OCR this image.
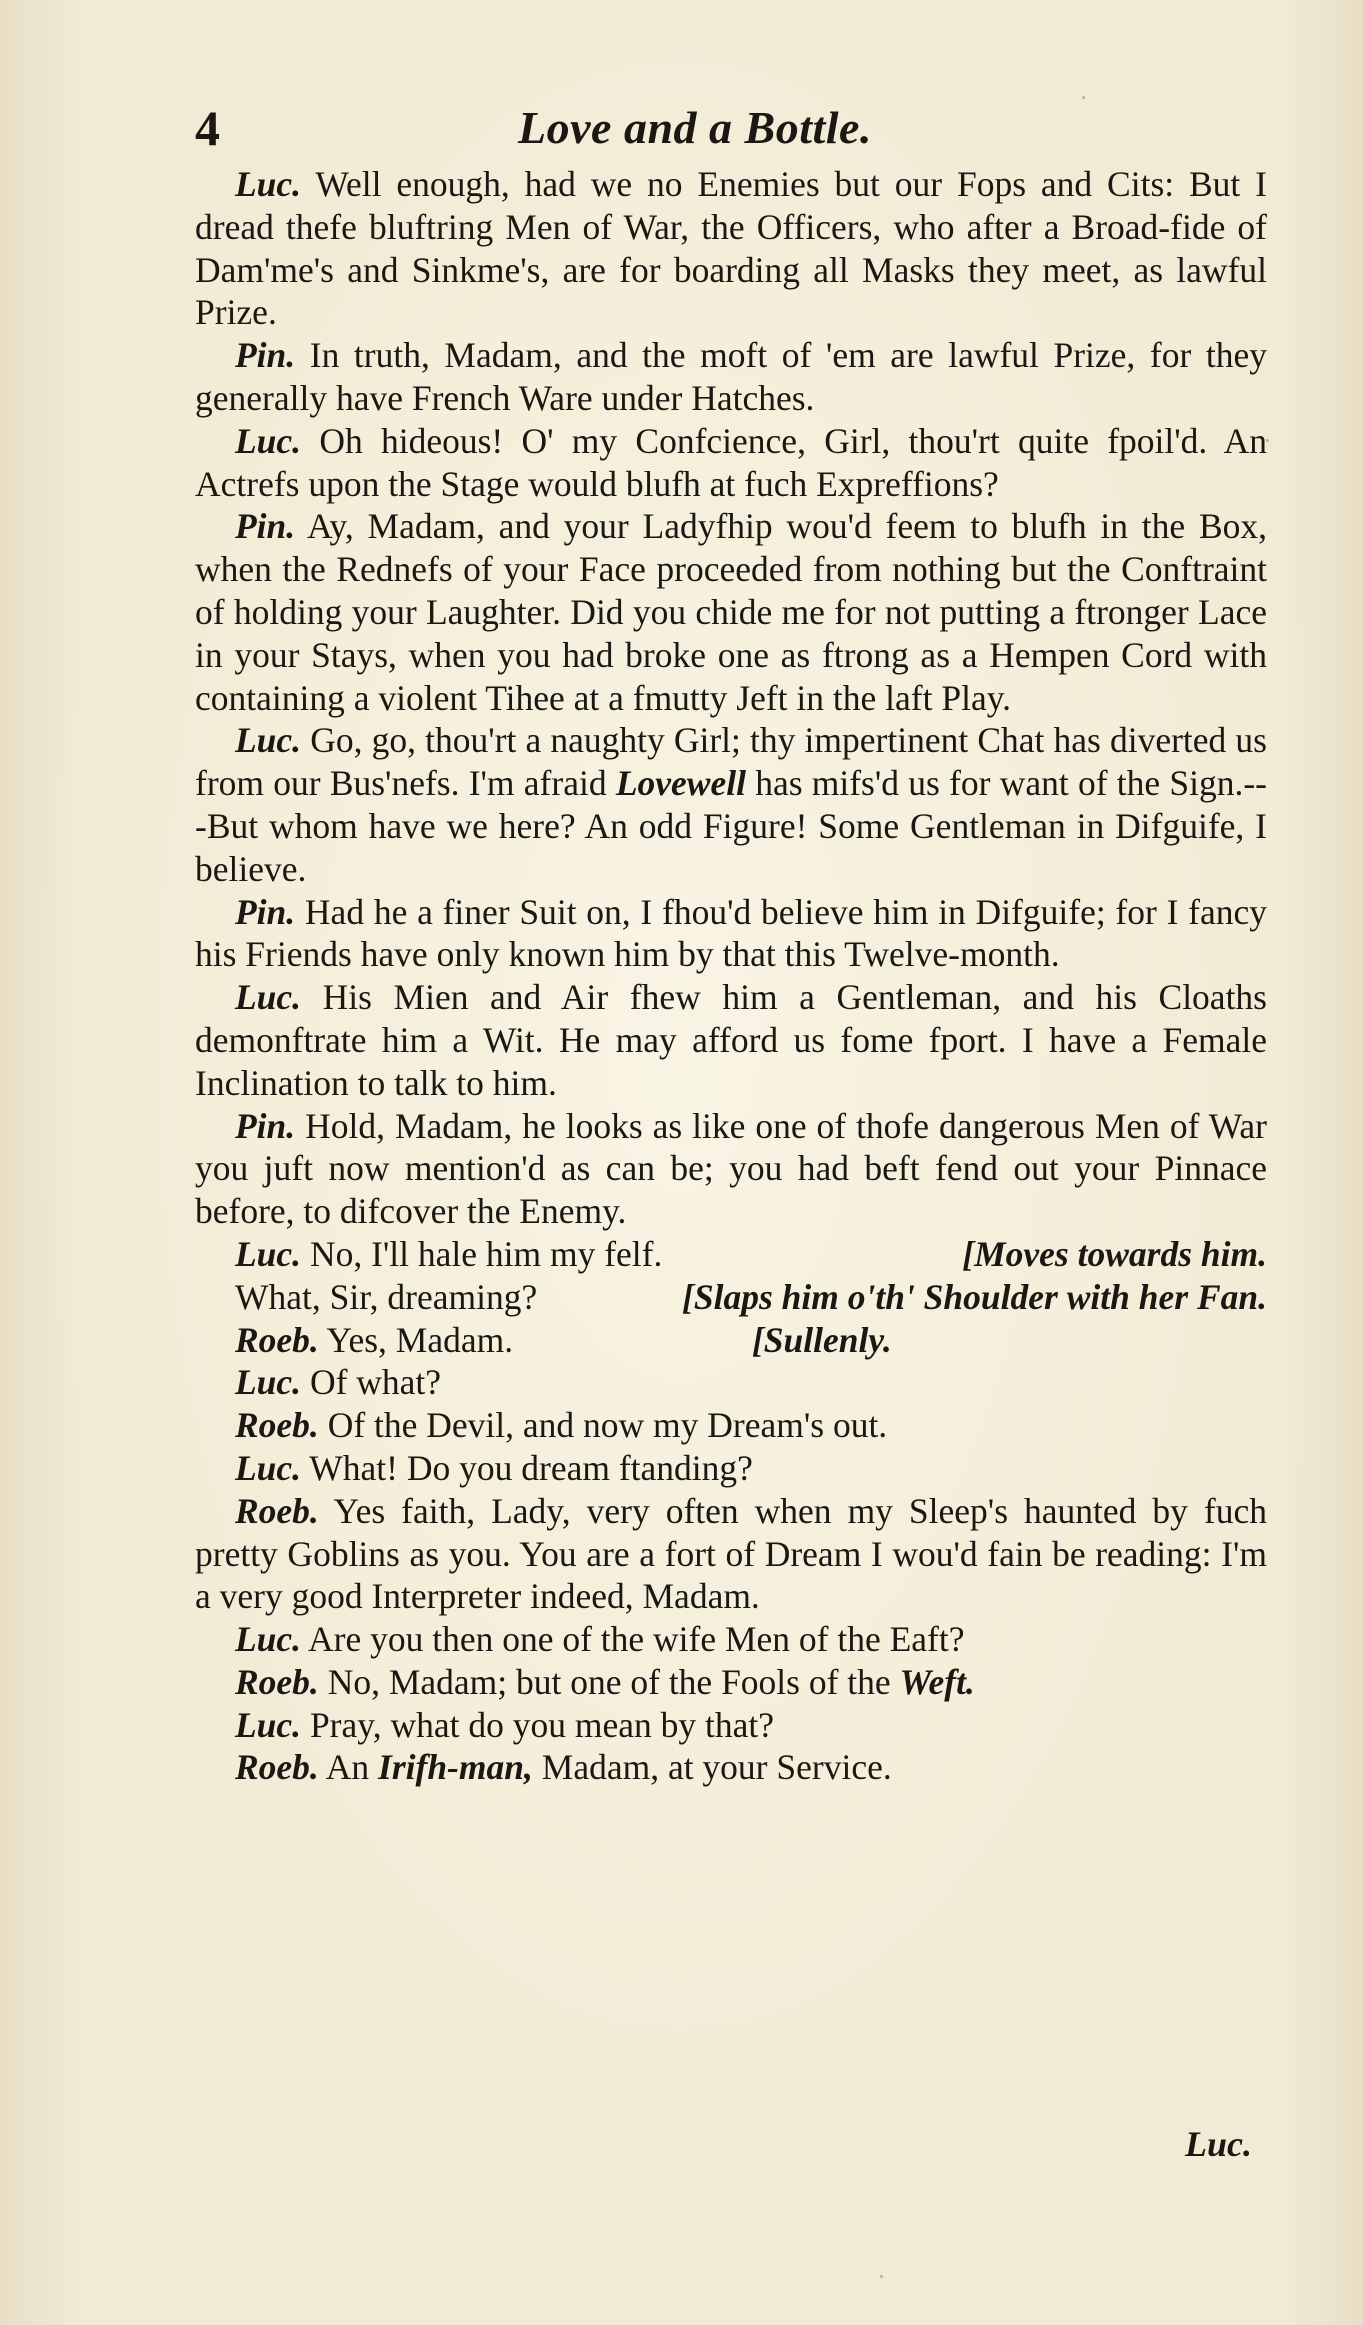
4	Love and a Bottle.

Luc. Well enough, had we no Enemies but our Fops and Cits: But I dread thefe bluftring Men of War, the Officers, who after a Broad-fide of Dam'me's and Sinkme's, are for boarding all Masks they meet, as lawful Prize.

Pin. In truth, Madam, and the moft of 'em are lawful Prize, for they generally have French Ware under Hatches.

Luc. Oh hideous! O' my Confcience, Girl, thou'rt quite fpoil'd. An Actrefs upon the Stage would blufh at fuch Expreffions?

Pin. Ay, Madam, and your Ladyfhip wou'd feem to blufh in the Box, when the Rednefs of your Face proceeded from nothing but the Conftraint of holding your Laughter. Did you chide me for not putting a ftronger Lace in your Stays, when you had broke one as ftrong as a Hempen Cord with containing a violent Tihee at a fmutty Jeft in the laft Play.

Luc. Go, go, thou'rt a naughty Girl; thy impertinent Chat has diverted us from our Bus'nefs. I'm afraid Lovewell has mifs'd us for want of the Sign.---But whom have we here? An odd Figure! Some Gentleman in Difguife, I believe.

Pin. Had he a finer Suit on, I fhou'd believe him in Difguife; for I fancy his Friends have only known him by that this Twelve-month.

Luc. His Mien and Air fhew him a Gentleman, and his Cloaths demonftrate him a Wit. He may afford us fome fport. I have a Female Inclination to talk to him.

Pin. Hold, Madam, he looks as like one of thofe dangerous Men of War you juft now mention'd as can be; you had beft fend out your Pinnace before, to difcover the Enemy.

Luc. No, I'll hale him my felf.	[Moves towards him.

What, Sir, dreaming?	[Slaps him o'th' Shoulder with her Fan.

Roeb. Yes, Madam.	[Sullenly.

Luc. Of what?

Roeb. Of the Devil, and now my Dream's out.

Luc. What! Do you dream ftanding?

Roeb. Yes faith, Lady, very often when my Sleep's haunted by fuch pretty Goblins as you. You are a fort of Dream I wou'd fain be reading: I'm a very good Interpreter indeed, Madam.

Luc. Are you then one of the wife Men of the Eaft?

Roeb. No, Madam; but one of the Fools of the Weft.

Luc. Pray, what do you mean by that?

Roeb. An Irifh-man, Madam, at your Service.

Luc.
